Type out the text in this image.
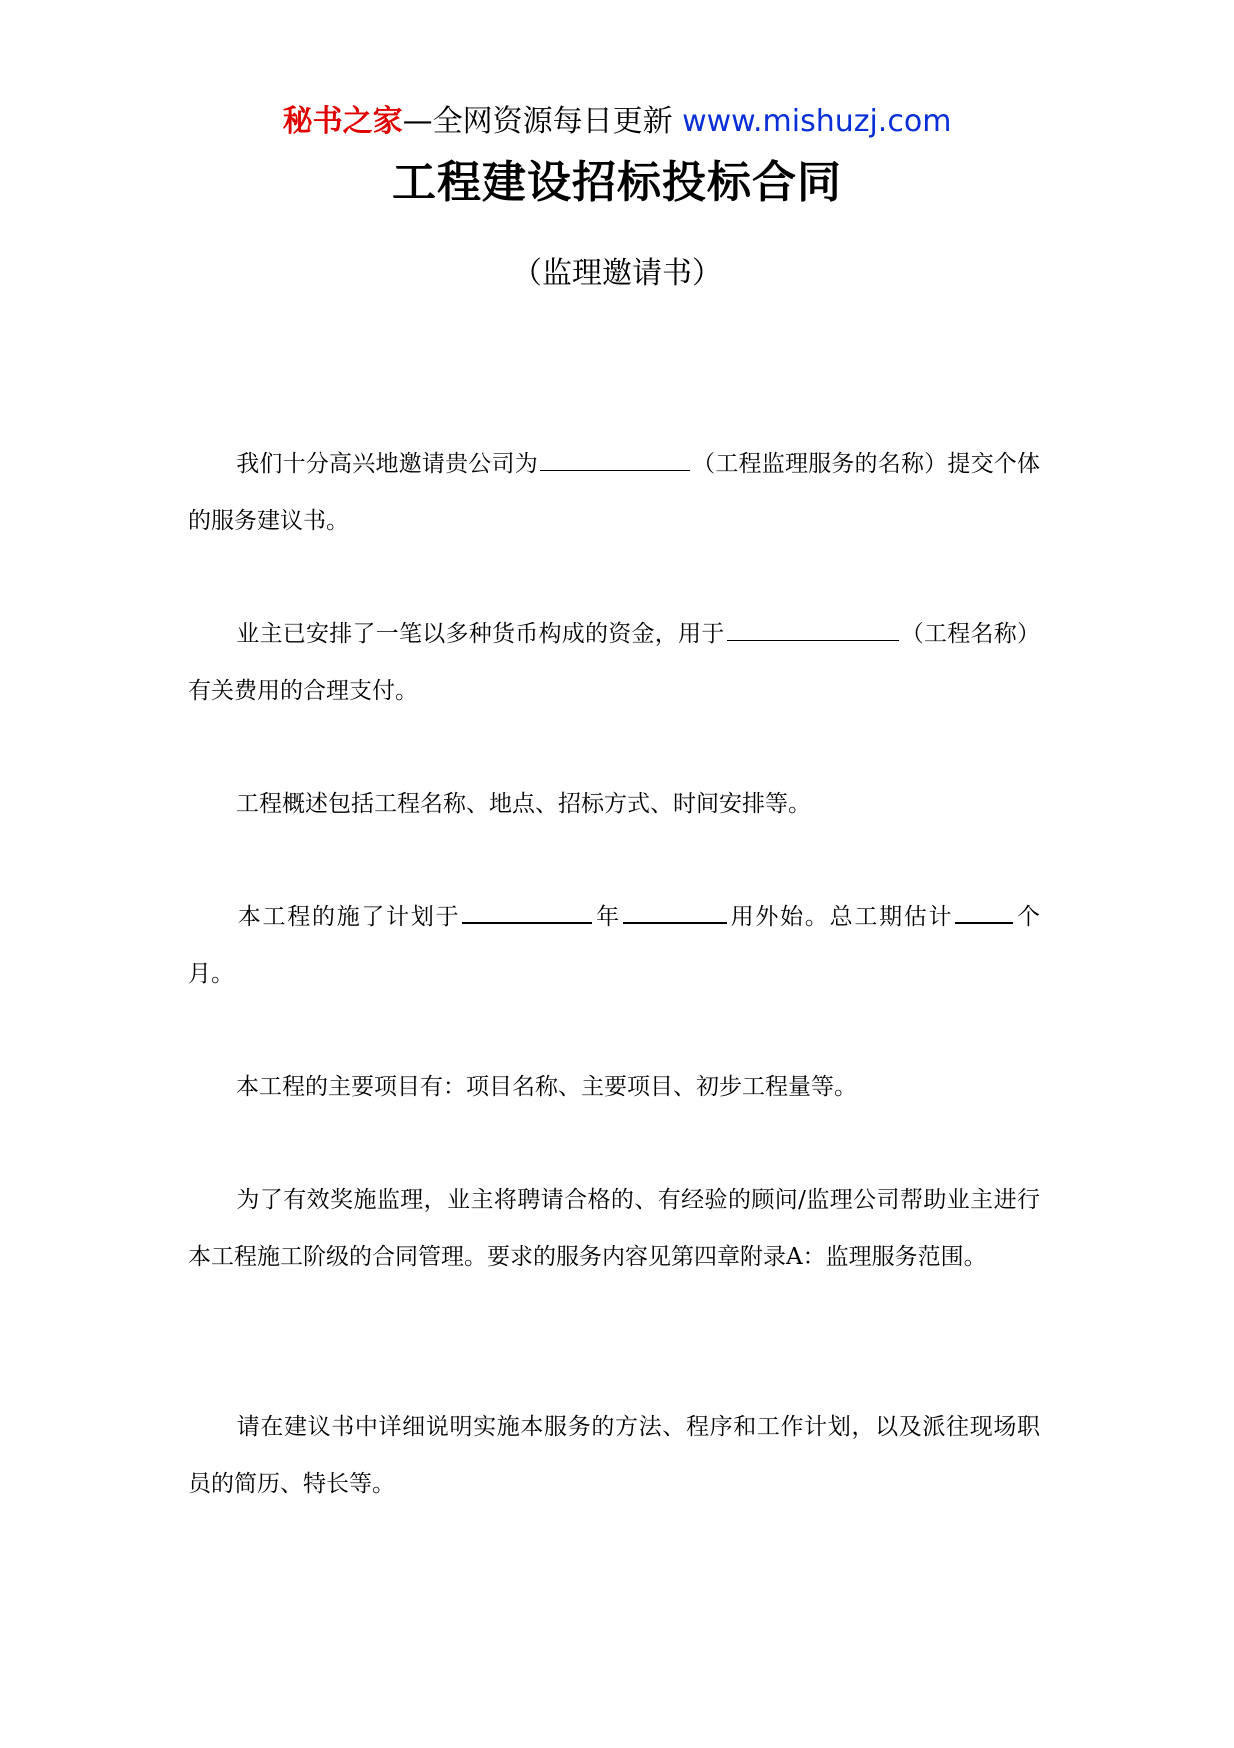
秘书之家—全网资源每日更新 www.mishuzj.com
工程建设招标投标合同
（监理邀请书）
我们十分高兴地邀请贵公司为	（工程监理服务的名称）提交个体的服务建议书。
业主已安排了一笔以多种货币构成的资金，用于	（工程名称）有关费用的合理支付。
工程概述包括工程名称、地点、招标方式、时间安排等。
本工程的施了计划于	年	用外始。总工期估计	个月。
本工程的主要项目有：项目名称、主要项目、初步工程量等。
为了有效奖施监理，业主将聘请合格的、有经验的顾问/监理公司帮助业主进行本工程施工阶级的合同管理。要求的服务内容见第四章附录A：监理服务范围。
请在建议书中详细说明实施本服务的方法、程序和工作计划，以及派往现场职员的简历、特长等。
